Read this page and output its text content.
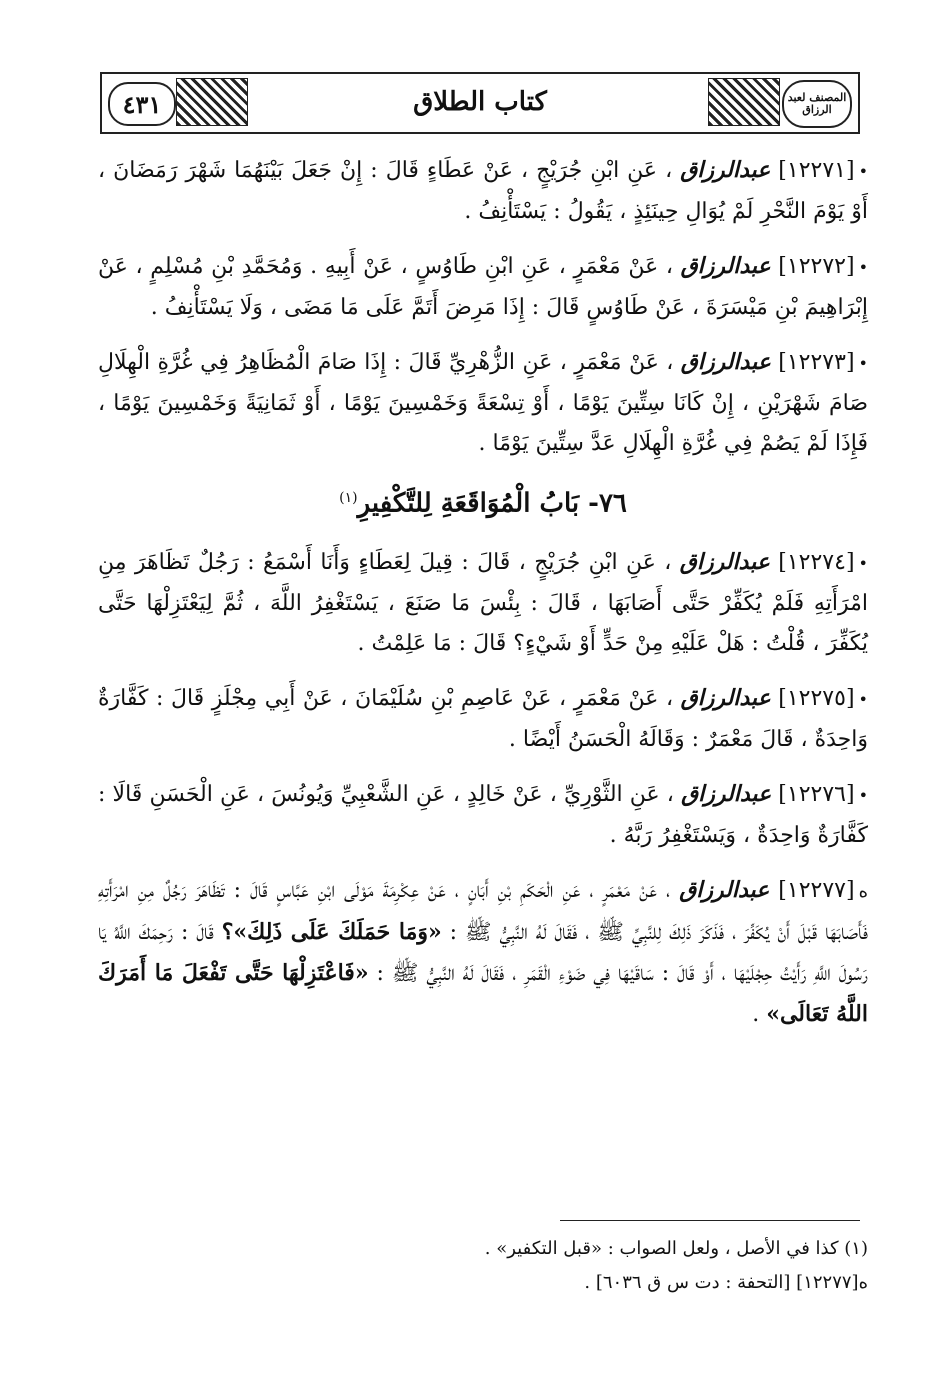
٤٣١	كتاب الطلاق	المصنف لعبد الرزاق

•[١٢٢٧١] عبدالرزاق ، عَنِ ابْنِ جُرَيْجٍ ، عَنْ عَطَاءٍ قَالَ : إِنْ جَعَلَ بَيْنَهُمَا شَهْرَ رَمَضَانَ ، أَوْ يَوْمَ النَّحْرِ لَمْ يُوَالِ حِينَئِذٍ ، يَقُولُ : يَسْتَأْنِفُ .

•[١٢٢٧٢] عبدالرزاق ، عَنْ مَعْمَرٍ ، عَنِ ابْنِ طَاوُسٍ ، عَنْ أَبِيهِ . وَمُحَمَّدِ بْنِ مُسْلِمٍ ، عَنْ إِبْرَاهِيمَ بْنِ مَيْسَرَةَ ، عَنْ طَاوُسٍ قَالَ : إِذَا مَرِضَ أَتَمَّ عَلَى مَا مَضَى ، وَلَا يَسْتَأْنِفُ .

•[١٢٢٧٣] عبدالرزاق ، عَنْ مَعْمَرٍ ، عَنِ الزُّهْرِيِّ قَالَ : إِذَا صَامَ الْمُظَاهِرُ فِي غُرَّةِ الْهِلَالِ صَامَ شَهْرَيْنِ ، إِنْ كَانَا سِتِّينَ يَوْمًا ، أَوْ تِسْعَةً وَخَمْسِينَ يَوْمًا ، أَوْ ثَمَانِيَةً وَخَمْسِينَ يَوْمًا ، فَإِذَا لَمْ يَصُمْ فِي غُرَّةِ الْهِلَالِ عَدَّ سِتِّينَ يَوْمًا .

٧٦- بَابُ الْمُوَاقَعَةِ لِلتَّكْفِيرِ$^{(١)}$

•[١٢٢٧٤] عبدالرزاق ، عَنِ ابْنِ جُرَيْجٍ ، قَالَ : قِيلَ لِعَطَاءٍ وَأَنَا أَسْمَعُ : رَجُلٌ تَظَاهَرَ مِنِ امْرَأَتِهِ فَلَمْ يُكَفِّرْ حَتَّى أَصَابَهَا ، قَالَ : بِئْسَ مَا صَنَعَ ، يَسْتَغْفِرُ اللَّهَ ، ثُمَّ لِيَعْتَزِلْهَا حَتَّى يُكَفِّرَ ، قُلْتُ : هَلْ عَلَيْهِ مِنْ حَدٍّ أَوْ شَيْءٍ؟ قَالَ : مَا عَلِمْتُ .

•[١٢٢٧٥] عبدالرزاق ، عَنْ مَعْمَرٍ ، عَنْ عَاصِمِ بْنِ سُلَيْمَانَ ، عَنْ أَبِي مِجْلَزٍ قَالَ : كَفَّارَةٌ وَاحِدَةٌ ، قَالَ مَعْمَرٌ : وَقَالَهُ الْحَسَنُ أَيْضًا .

•[١٢٢٧٦] عبدالرزاق ، عَنِ الثَّوْرِيِّ ، عَنْ خَالِدٍ ، عَنِ الشَّعْبِيِّ وَيُونُسَ ، عَنِ الْحَسَنِ قَالَا : كَفَّارَةٌ وَاحِدَةٌ ، وَيَسْتَغْفِرُ رَبَّهُ .

ه[١٢٢٧٧] عبدالرزاق ، عَنْ مَعْمَرٍ ، عَنِ الْحَكَمِ بْنِ أَبَانٍ ، عَنْ عِكْرِمَةَ مَوْلَى ابْنِ عَبَّاسٍ قَالَ : تَظَاهَرَ رَجُلٌ مِنِ امْرَأَتِهِ فَأَصَابَهَا قَبْلَ أَنْ يُكَفِّرَ ، فَذَكَرَ ذَلِكَ لِلنَّبِيِّ ﷺ ، فَقَالَ لَهُ النَّبِيُّ ﷺ : «وَمَا حَمَلَكَ عَلَى ذَلِكَ»؟ قَالَ : رَحِمَكَ اللَّهُ يَا رَسُولَ اللَّهِ رَأَيْتُ حِجْلَيْهَا ، أَوْ قَالَ : سَاقَيْهَا فِي ضَوْءِ الْقَمَرِ ، فَقَالَ لَهُ النَّبِيُّ ﷺ : «فَاعْتَزِلْهَا حَتَّى تَفْعَلَ مَا أَمَرَكَ اللَّهُ تَعَالَى» .

(١) كذا في الأصل ، ولعل الصواب : «قبل التكفير» .

ه[١٢٢٧٧] [التحفة : دت س ق ٦٠٣٦] .
